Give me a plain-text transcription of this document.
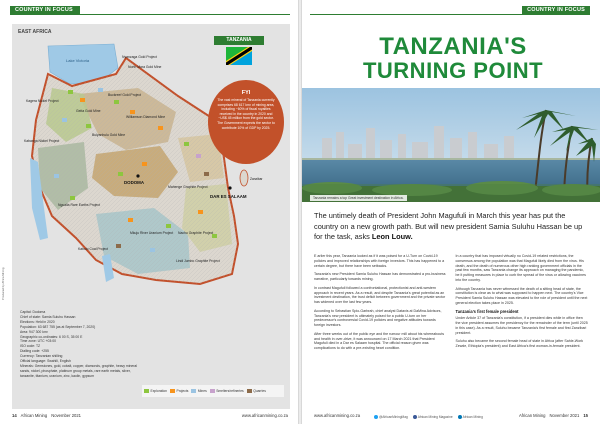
COUNTRY IN FOCUS
EAST AFRICA
Kagera Nickel Project
Nyanzaga Gold Project
North Mara Gold Mine
Geita Gold Mine
Bulyanhulu Gold Mine
Buckreef Gold Project
Williamson Diamond Mine
Kabanga Nickel Project
Mahenge Graphite Project
Ngualla Rare Earths Project
Nachu Graphite Project
Lindi Jumbo Graphite Project
Mkuju River Uranium Project
Kabulo Coal Project
Lake Victoria
DODOMA
DAR ES SALAAM
Zanzibar
TANZANIA
FYI
The vast mineral of Tanzania currently comprises 68 617 km² of mining area, including ~60% of fiscal royalties received in the country in 2020 and ~US$ 45 million from the gold sector. The Government expects the sector to contribute 10% of GDP by 2025.
Capital: Dodoma
Chief of state: Samia Suluhu Hassan
Elections: Held in 2020
Population: 63 687 755 (as at September 7, 2020)
Area: 947 300 km²
Geographic co-ordinates: 6 00 S, 35 00 E
Time zone: UTC +03:00
ISO code: TZ
Dialling code: +255
Currency: Tanzanian shilling
Official language: Swahili, English
Minerals: Gemstones, gold, cobalt, copper, diamonds, graphite, heavy mineral sands, nickel, phosphate, platinum group metals, rare earth metals, silver, tanzanite, titanium, uranium, zinc, kaolin, gypsum
Exploration	Projects	Mines	Smelters/refineries	Quarries
Produced by Africa Mining
14 African Mining November 2021	www.africanmining.co.za
COUNTRY IN FOCUS
TANZANIA'S
TURNING POINT
Tanzania remains a top Great investment destination in Africa.
The untimely death of President John Magufuli in March this year has put the country on a new growth path. But will new president Samia Suluhu Hassan be up for the task, asks Leon Louw.

E arlier this year, Tanzania looked as if it was poised for a U-Turn on Covid-19 policies and improved relationships with foreign investors. This has happened to a certain degree, but there have been setbacks.

Tanzania's new President Samia Suluhu Hassan has demonstrated a pro-business narrative, particularly towards mining.

In contrast Magufuli followed a confrontational, protectionist and anti-western approach in recent years. As a result, and despite Tanzania's great potential as an investment destination, the trust deficit between government and the private sector has widened over the last few years.

According to Sebastian Spio-Garbrah, chief analyst Dataxis at DaMina Advisors, Tanzania's new president is ultimately poised for a public U-turn on her predecessor's controversial Covid-19 policies and negative attitudes towards foreign investors.

After three weeks out of the public eye and the rumour mill about his whereabouts and health in over-drive, it was announced on 17 March 2021 that President Magufuli died in a Dar es Salaam hospital. The official reason given was complications to do with a pre-existing heart condition.

In a country that has imposed virtually no Covid-19 related restrictions, the consensus among the population was that Magufuli likely died from the virus. His death, and the death of numerous other high ranking government officials in the past few months, saw Tanzania change its approach on managing the pandemic, be it putting measures in place to curb the spread of the virus or allowing vaccines into the country.

Although Tanzania has never witnessed the death of a sitting head of state, the constitution is clear as to what was supposed to happen next. The country's Vice President Samia Suluhu Hassan was elevated to the role of president until the next general election takes place in 2025.

Tanzania's first female president

Under Article 37 of Tanzania's constitution, if a president dies while in office then the vice president assumes the presidency for the remainder of the term (until 2025 in this case). As a result, Suluhu became Tanzania's first female and first Zanzibari president.

Suluhu also became the second female head of state in Africa (after Sahle-Work Zewde, Ethiopia's president) and East Africa's first woman-in-female president.

www.africanmining.co.za	@AfricanMiningMag	African Mining Magazine	African Mining	African Mining November 2021 15
